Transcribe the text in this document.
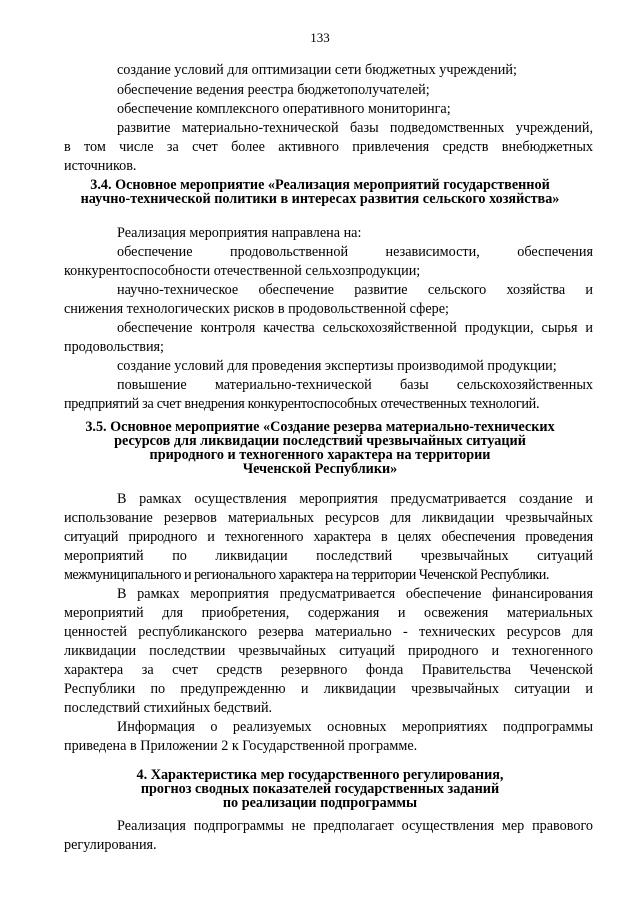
133
создание условий для оптимизации сети бюджетных учреждений;
обеспечение ведения реестра бюджетополучателей;
обеспечение комплексного оперативного мониторинга;
развитие материально-технической базы подведомственных учреждений,
в том числе за счет более активного привлечения средств внебюджетных
источников.
3.4. Основное мероприятие «Реализация мероприятий государственной
научно-технической политики в интересах развития сельского хозяйства»
Реализация мероприятия направлена на:
обеспечение продовольственной независимости, обеспечения
конкурентоспособности отечественной сельхозпродукции;
научно-техническое обеспечение развитие сельского хозяйства и
снижения технологических рисков в продовольственной сфере;
обеспечение контроля качества сельскохозяйственной продукции, сырья и
продовольствия;
создание условий для проведения экспертизы производимой продукции;
повышение материально-технической базы сельскохозяйственных
предприятий за счет внедрения конкурентоспособных отечественных технологий.
3.5. Основное мероприятие «Создание резерва материально-технических
ресурсов для ликвидации последствий чрезвычайных ситуаций
природного и техногенного характера на территории
Чеченской Республики»
В рамках осуществления мероприятия предусматривается создание и
использование резервов материальных ресурсов для ликвидации чрезвычайных
ситуаций природного и техногенного характера в целях обеспечения проведения
мероприятий по ликвидации последствий чрезвычайных ситуаций
межмуниципального и регионального характера на территории Чеченской Республики.
В рамках мероприятия предусматривается обеспечение финансирования
мероприятий для приобретения, содержания и освежения материальных
ценностей республиканского резерва материально - технических ресурсов для
ликвидации последствии чрезвычайных ситуаций природного и техногенного
характера за счет средств резервного фонда Правительства Чеченской
Республики по предупрежденню и ликвидации чрезвычайных ситуации и
последствий стихийных бедствий.
Информация о реализуемых основных мероприятиях подпрограммы
приведена в Приложении 2 к Государственной программе.
4. Характеристика мер государственного регулирования,
прогноз сводных показателей государственных заданий
по реализации подпрограммы
Реализация подпрограммы не предполагает осуществления мер правового
регулирования.
